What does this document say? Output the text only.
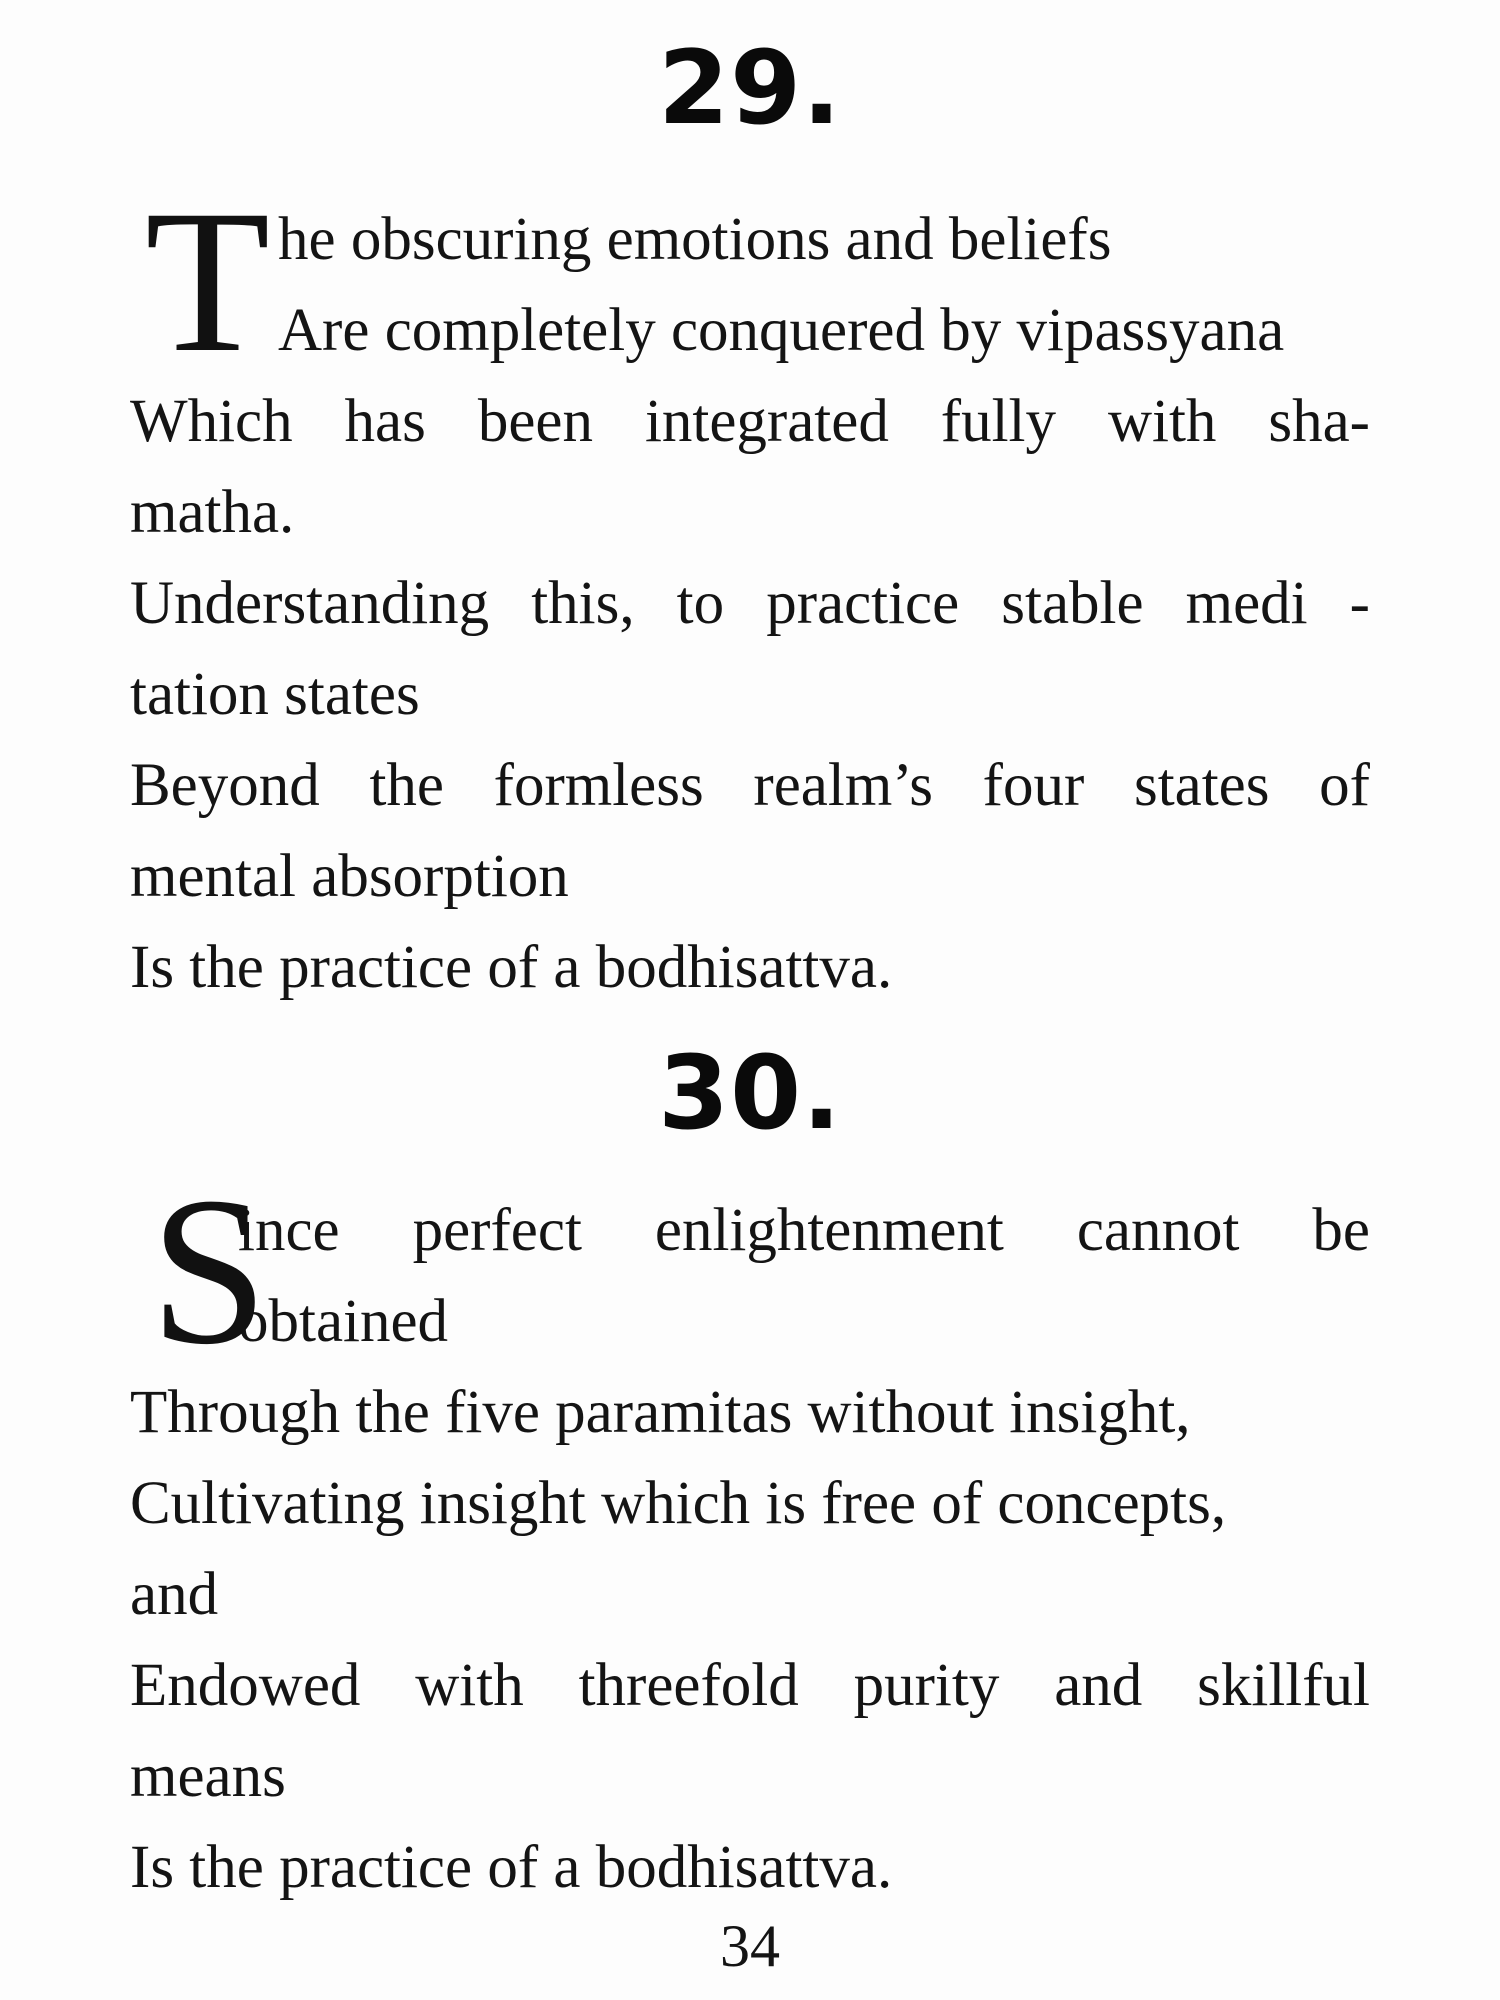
29.
T he obscuring emotions and beliefs
Are completely conquered by vipassyana
Which has been integrated fully with sha-
matha.
Understanding this, to practice stable medi -
tation states
Beyond the formless realm’s four states of
mental absorption
Is the practice of a bodhisattva.
30.
S
ince perfect enlightenment cannot be
obtained
Through the five paramitas without insight,
Cultivating insight which is free of concepts,
and
Endowed with threefold purity and skillful
means
Is the practice of a bodhisattva.
34
